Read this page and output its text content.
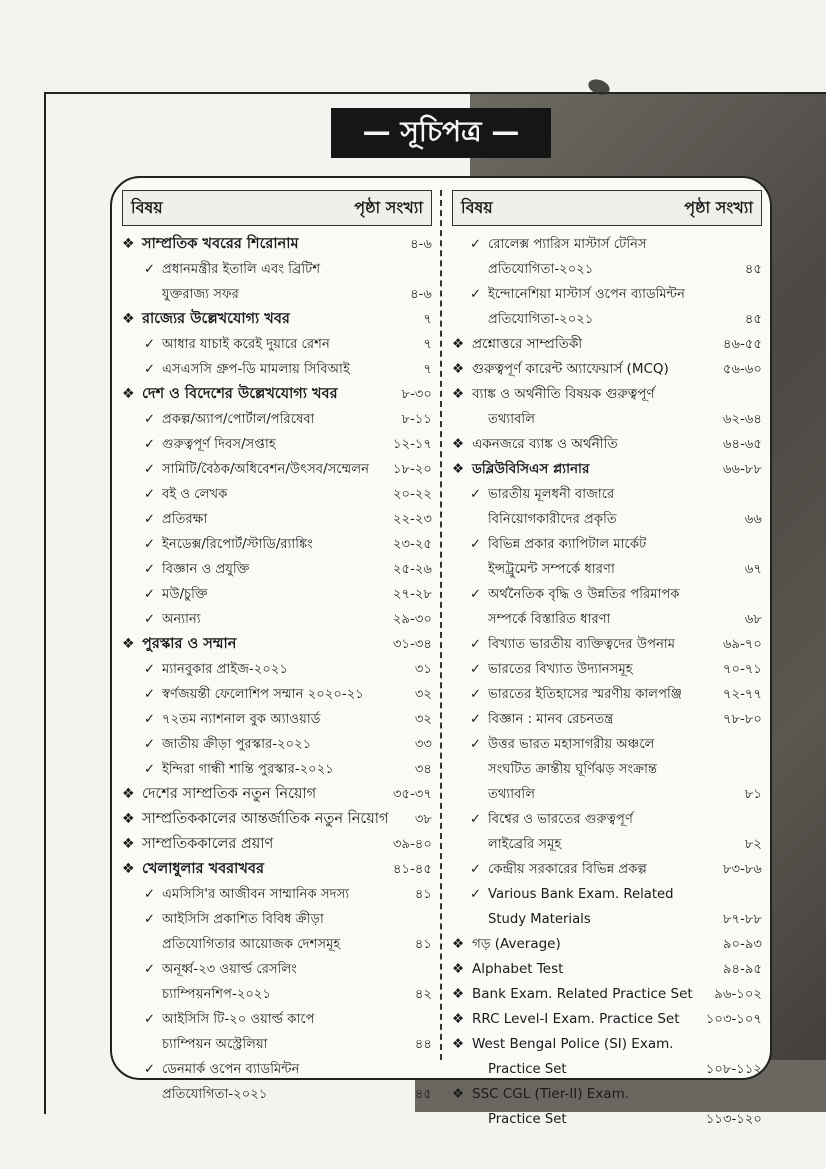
— সূচিপত্র —
বিষয়	পৃষ্ঠা সংখ্যা
❖ সাম্প্রতিক খবরের শিরোনাম	৪-৬
✓ প্রধানমন্ত্রীর ইতালি এবং ব্রিটিশ
যুক্তরাজ্য সফর	৪-৬
❖ রাজ্যের উল্লেখযোগ্য খবর	৭
✓ আধার যাচাই করেই দুয়ারে রেশন	৭
✓ এসএসসি গ্রুপ-ডি মামলায় সিবিআই	৭
❖ দেশ ও বিদেশের উল্লেখযোগ্য খবর	৮-৩০
✓ প্রকল্প/অ্যাপ/পোর্টাল/পরিষেবা	৮-১১
✓ গুরুত্বপূর্ণ দিবস/সপ্তাহ	১২-১৭
✓ সামিটি/বৈঠক/অধিবেশন/উৎসব/সম্মেলন	১৮-২০
✓ বই ও লেখক	২০-২২
✓ প্রতিরক্ষা	২২-২৩
✓ ইনডেক্স/রিপোর্ট/স্টাডি/র‍্যাঙ্কিং	২৩-২৫
✓ বিজ্ঞান ও প্রযুক্তি	২৫-২৬
✓ মউ/চুক্তি	২৭-২৮
✓ অন্যান্য	২৯-৩০
❖ পুরস্কার ও সম্মান	৩১-৩৪
✓ ম্যানবুকার প্রাইজ-২০২১	৩১
✓ স্বর্ণজয়ন্তী ফেলোশিপ সম্মান ২০২০-২১	৩২
✓ ৭২তম ন্যাশনাল বুক অ্যাওয়ার্ড	৩২
✓ জাতীয় ক্রীড়া পুরস্কার-২০২১	৩৩
✓ ইন্দিরা গান্ধী শান্তি পুরস্কার-২০২১	৩৪
❖ দেশের সাম্প্রতিক নতুন নিয়োগ	৩৫-৩৭
❖ সাম্প্রতিককালের আন্তর্জাতিক নতুন নিয়োগ	৩৮
❖ সাম্প্রতিককালের প্রয়াণ	৩৯-৪০
❖ খেলাধুলার খবরাখবর	৪১-৪৫
✓ এমসিসি'র আজীবন সাম্মানিক সদস্য	৪১
✓ আইসিসি প্রকাশিত বিবিধ ক্রীড়া
প্রতিযোগিতার আয়োজক দেশসমূহ	৪১
✓ অনূর্ধ্ব-২৩ ওয়ার্ল্ড রেসলিং
চ্যাম্পিয়নশিপ-২০২১	৪২
✓ আইসিসি টি-২০ ওয়ার্ল্ড কাপে
চ্যাম্পিয়ন অস্ট্রেলিয়া	৪৪
✓ ডেনমার্ক ওপেন ব্যাডমিন্টন
প্রতিযোগিতা-২০২১	৪৫
বিষয়	পৃষ্ঠা সংখ্যা
✓ রোলেক্স প্যারিস মাস্টার্স টেনিস
প্রতিযোগিতা-২০২১	৪৫
✓ ইন্দোনেশিয়া মাস্টার্স ওপেন ব্যাডমিন্টন
প্রতিযোগিতা-২০২১	৪৫
❖ প্রশ্নোত্তরে সাম্প্রতিকী	৪৬-৫৫
❖ গুরুত্বপূর্ণ কারেন্ট অ্যাফেয়ার্স (MCQ)	৫৬-৬০
❖ ব্যাঙ্ক ও অর্থনীতি বিষয়ক গুরুত্বপূর্ণ
তথ্যাবলি	৬২-৬৪
❖ একনজরে ব্যাঙ্ক ও অর্থনীতি	৬৪-৬৫
❖ ডব্লিউবিসিএস প্ল্যানার	৬৬-৮৮
✓ ভারতীয় মূলধনী বাজারে
বিনিয়োগকারীদের প্রকৃতি	৬৬
✓ বিভিন্ন প্রকার ক্যাপিটাল মার্কেট
ইন্সট্রুমেন্ট সম্পর্কে ধারণা	৬৭
✓ অর্থনৈতিক বৃদ্ধি ও উন্নতির পরিমাপক
সম্পর্কে বিস্তারিত ধারণা	৬৮
✓ বিখ্যাত ভারতীয় ব্যক্তিত্বদের উপনাম	৬৯-৭০
✓ ভারতের বিখ্যাত উদ্যানসমূহ	৭০-৭১
✓ ভারতের ইতিহাসের স্মরণীয় কালপঞ্জি	৭২-৭৭
✓ বিজ্ঞান : মানব রেচনতন্ত্র	৭৮-৮০
✓ উত্তর ভারত মহাসাগরীয় অঞ্চলে
সংঘটিত ক্রান্তীয় ঘূর্ণিঝড় সংক্রান্ত
তথ্যাবলি	৮১
✓ বিশ্বের ও ভারতের গুরুত্বপূর্ণ
লাইব্রেরি সমূহ	৮২
✓ কেন্দ্রীয় সরকারের বিভিন্ন প্রকল্প	৮৩-৮৬
✓ Various Bank Exam. Related
Study Materials	৮৭-৮৮
❖ গড় (Average)	৯০-৯৩
❖ Alphabet Test	৯৪-৯৫
❖ Bank Exam. Related Practice Set	৯৬-১০২
❖ RRC Level-I Exam. Practice Set	১০৩-১০৭
❖ West Bengal Police (SI) Exam.
Practice Set	১০৮-১১২
❖ SSC CGL (Tier-II) Exam.
Practice Set	১১৩-১২০
